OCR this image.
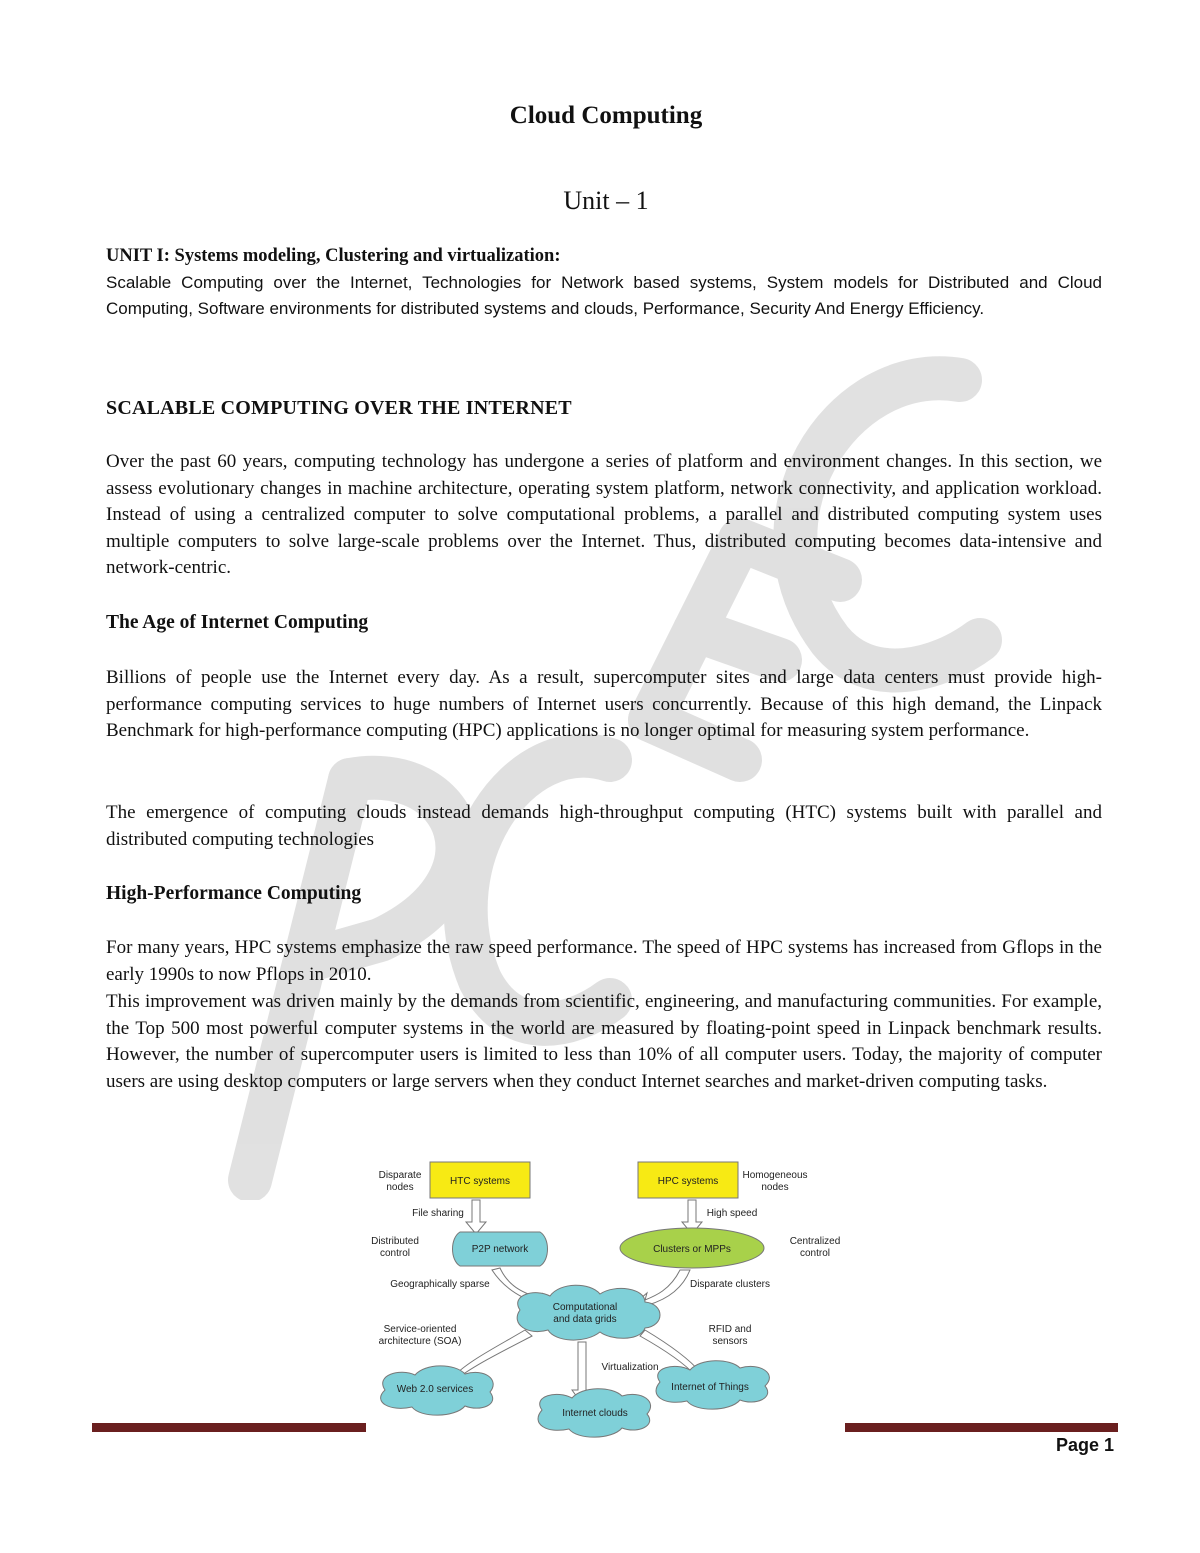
Cloud Computing
Unit – 1
UNIT I: Systems modeling, Clustering and virtualization:

Scalable Computing over the Internet, Technologies for Network based systems, System models for Distributed and Cloud Computing, Software environments for distributed systems and clouds, Performance, Security And Energy Efficiency.

SCALABLE COMPUTING OVER THE INTERNET

Over the past 60 years, computing technology has undergone a series of platform and environment changes. In this section, we assess evolutionary changes in machine architecture, operating system platform, network connectivity, and application workload. Instead of using a centralized computer to solve computational problems, a parallel and distributed computing system uses multiple computers to solve large-scale problems over the Internet. Thus, distributed computing becomes data-intensive and network-centric.

The Age of Internet Computing

Billions of people use the Internet every day. As a result, supercomputer sites and large data centers must provide high-performance computing services to huge numbers of Internet users concurrently. Because of this high demand, the Linpack Benchmark for high-performance computing (HPC) applications is no longer optimal for measuring system performance.

The emergence of computing clouds instead demands high-throughput computing (HTC) systems built with parallel and distributed computing technologies

High-Performance Computing

For many years, HPC systems emphasize the raw speed performance. The speed of HPC systems has increased from Gflops in the early 1990s to now Pflops in 2010.

This improvement was driven mainly by the demands from scientific, engineering, and manufacturing communities. For example, the Top 500 most powerful computer systems in the world are measured by floating-point speed in Linpack benchmark results. However, the number of supercomputer users is limited to less than 10% of all computer users. Today, the majority of computer users are using desktop computers or large servers when they conduct Internet searches and market-driven computing tasks.

HTC systems	HPC systems
Disparate
nodes
Homogeneous
nodes
File sharing	High speed
P2P network
Distributed
control	Clusters or MPPs
Centralized
control
Geographically sparse	Disparate clusters
Computational
and data grids
Service-oriented
architecture (SOA)
RFID and
sensors
Virtualization
Web 2.0 services	Internet of Things
Internet clouds
Page 1
